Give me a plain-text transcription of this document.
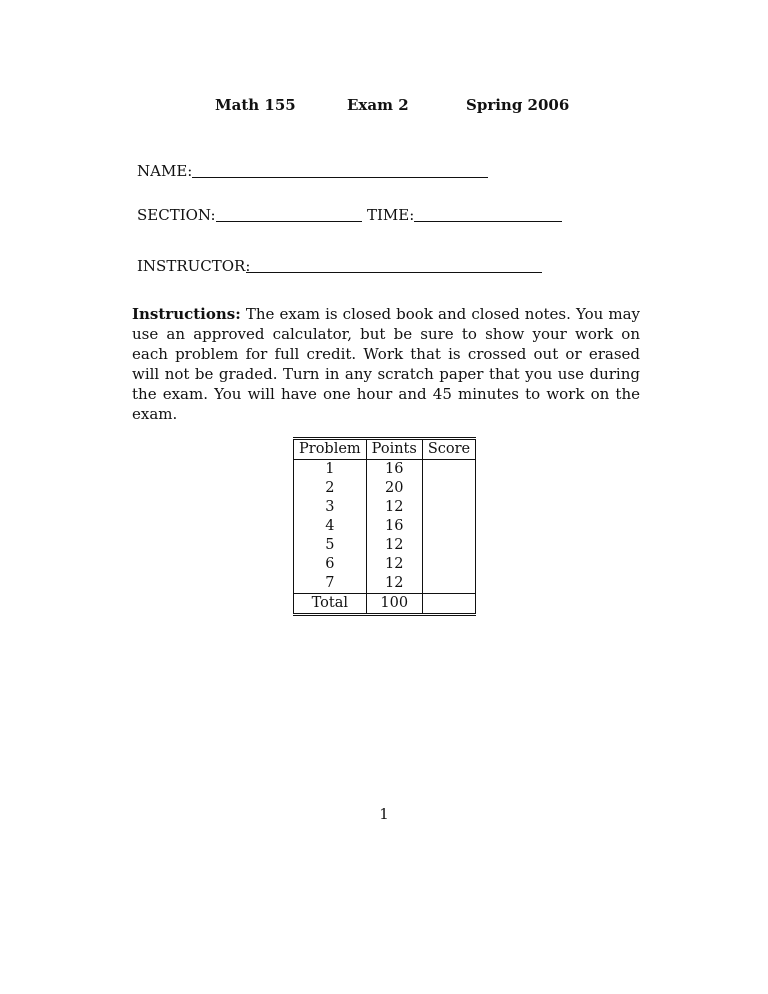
Math 155	Exam 2	Spring 2006
NAME:
SECTION:	TIME:
INSTRUCTOR:
Instructions: The exam is closed book and closed notes. You may use an approved calculator, but be sure to show your work on each problem for full credit. Work that is crossed out or erased will not be graded. Turn in any scratch paper that you use during the exam. You will have one hour and 45 minutes to work on the exam.
Problem	Points	Score
1	16	
2	20	
3	12	
4	16	
5	12	
6	12	
7	12	
Total	100	
1
